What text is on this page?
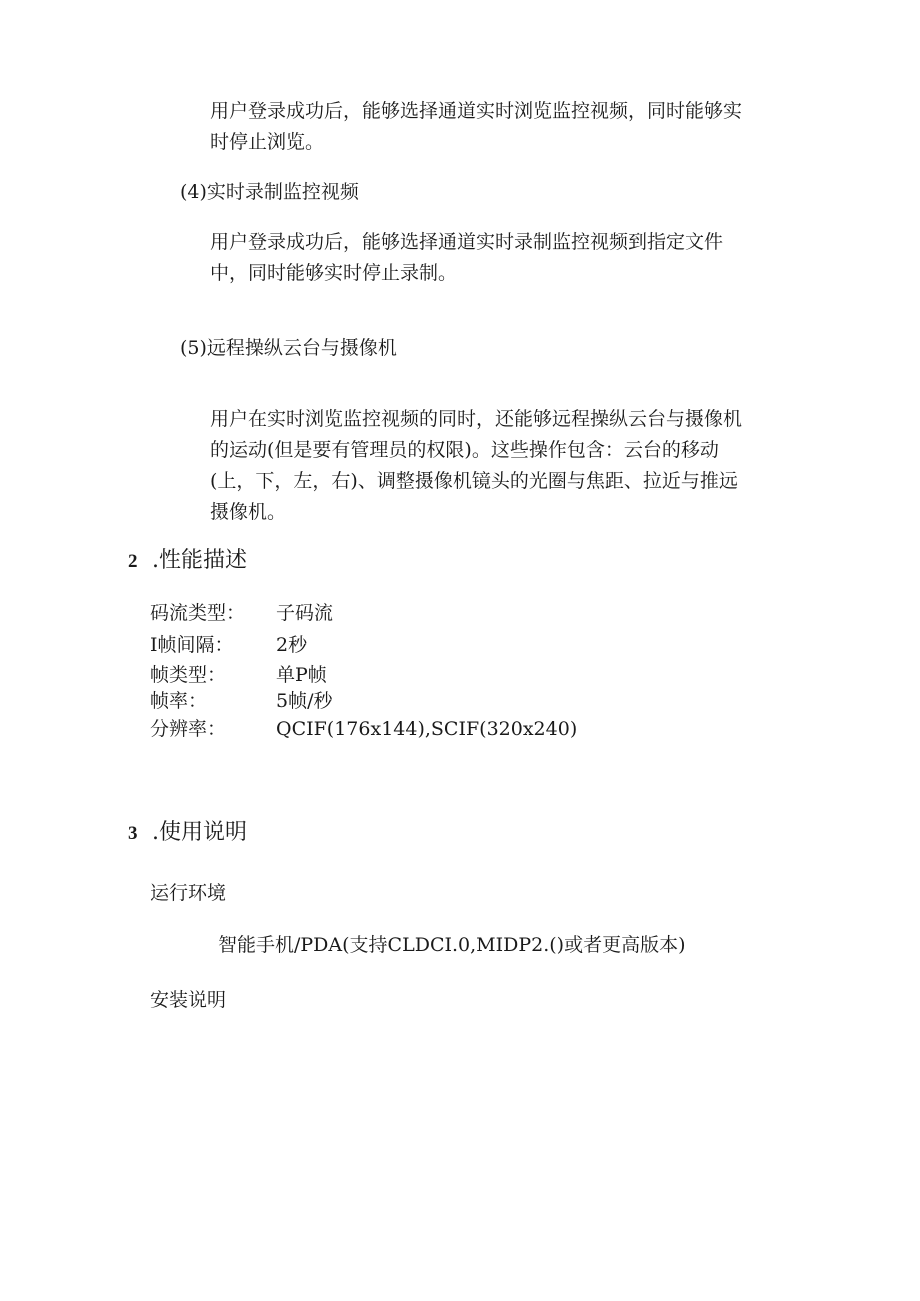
用户登录成功后，能够选择通道实时浏览监控视频，同时能够实
时停止浏览。
(4)实时录制监控视频
用户登录成功后，能够选择通道实时录制监控视频到指定文件
中，同时能够实时停止录制。
(5)远程操纵云台与摄像机
用户在实时浏览监控视频的同时，还能够远程操纵云台与摄像机
的运动(但是要有管理员的权限)。这些操作包含：云台的移动
(上，下，左，右)、调整摄像机镜头的光圈与焦距、拉近与推远
摄像机。
2 .性能描述
码流类型： 子码流
I帧间隔： 2秒
帧类型：	单P帧
帧率：	5帧/秒
分辨率：	QCIF(176x144),SCIF(320x240)
3 .使用说明
运行环境
智能手机/PDA(支持CLDCI.0,MIDP2.()或者更高版本)
安装说明
